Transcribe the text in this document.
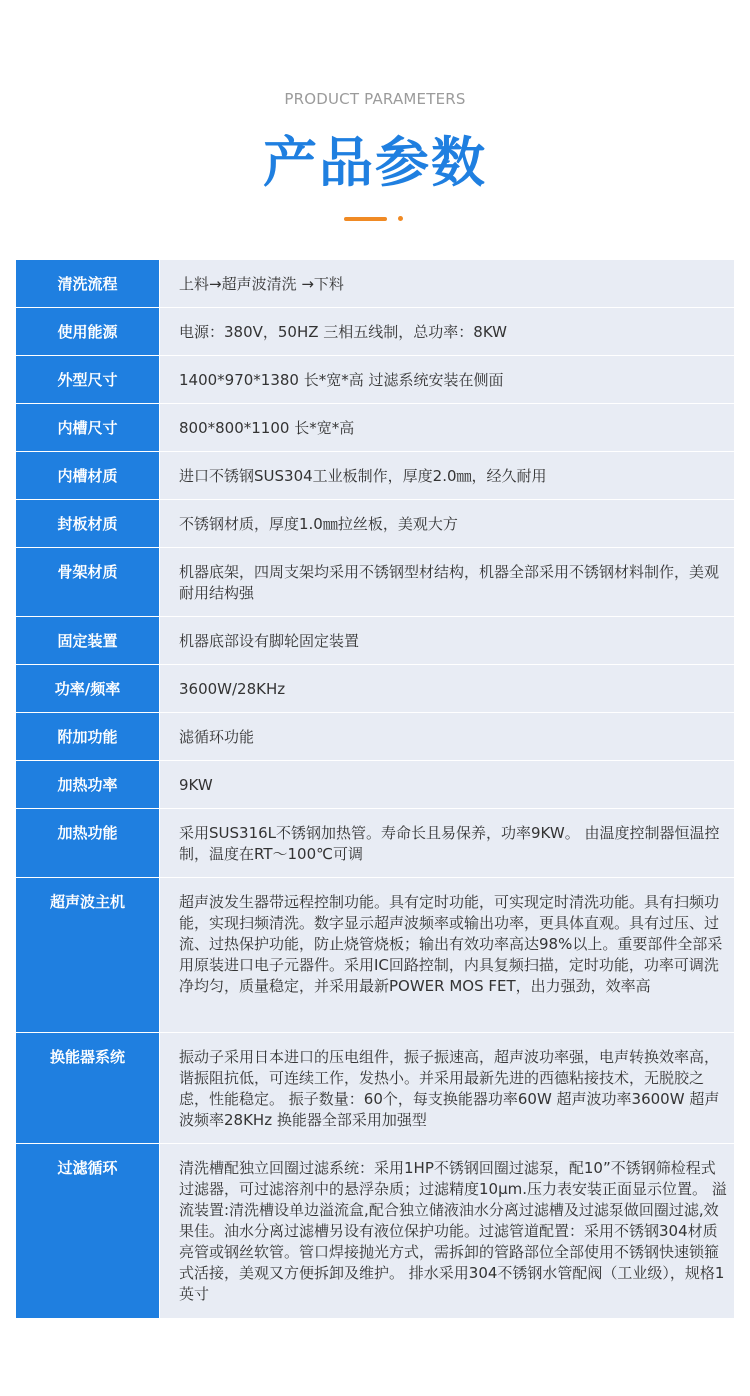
PRODUCT PARAMETERS
产品参数
清洗流程	上料→超声波清洗 →下料
使用能源	电源：380V，50HZ 三相五线制，总功率：8KW
外型尺寸	1400*970*1380 长*宽*高 过滤系统安装在侧面
内槽尺寸	800*800*1100 长*宽*高
内槽材质	进口不锈钢SUS304工业板制作，厚度2.0㎜，经久耐用
封板材质	不锈钢材质，厚度1.0㎜拉丝板，美观大方
骨架材质	机器底架，四周支架均采用不锈钢型材结构，机器全部采用不锈钢材料制作，美观耐用结构强
固定装置	机器底部设有脚轮固定装置
功率/频率	3600W/28KHz
附加功能	滤循环功能
加热功率	9KW
加热功能	采用SUS316L不锈钢加热管。寿命长且易保养，功率9KW。 由温度控制器恒温控制，温度在RT～100℃可调
超声波主机	超声波发生器带远程控制功能。具有定时功能，可实现定时清洗功能。具有扫频功能，实现扫频清洗。数字显示超声波频率或输出功率，更具体直观。具有过压、过流、过热保护功能，防止烧管烧板；输出有效功率高达98%以上。重要部件全部采用原装进口电子元器件。采用IC回路控制，内具复频扫描，定时功能，功率可调洗净均匀，质量稳定，并采用最新POWER MOS FET，出力强劲，效率高
换能器系统	振动子采用日本进口的压电组件，振子振速高，超声波功率强，电声转换效率高，谐振阻抗低，可连续工作，发热小。并采用最新先进的西德粘接技术，无脱胶之虑，性能稳定。 振子数量：60个，每支换能器功率60W 超声波功率3600W 超声波频率28KHz 换能器全部采用加强型
过滤循环	清洗槽配独立回圈过滤系统：采用1HP不锈钢回圈过滤泵，配10”不锈钢筛检程式过滤器，可过滤溶剂中的悬浮杂质；过滤精度10μm.压力表安装正面显示位置。 溢流装置:清洗槽设单边溢流盒,配合独立储液油水分离过滤槽及过滤泵做回圈过滤,效果佳。油水分离过滤槽另设有液位保护功能。过滤管道配置：采用不锈钢304材质亮管或钢丝软管。管口焊接抛光方式，需拆卸的管路部位全部使用不锈钢快速锁箍式活接，美观又方便拆卸及维护。 排水采用304不锈钢水管配阀（工业级），规格1英寸
